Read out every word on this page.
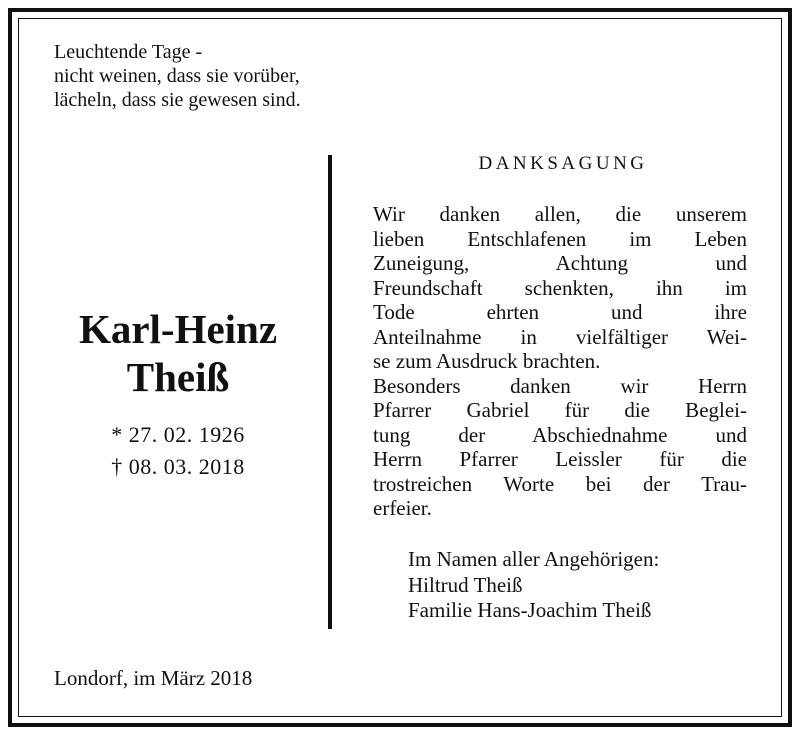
Leuchtende Tage -
nicht weinen, dass sie vorüber,
lächeln, dass sie gewesen sind.
Karl-Heinz
Theiß
* 27. 02. 1926
† 08. 03. 2018
DANKSAGUNG
Wir danken allen, die unserem
lieben Entschlafenen im Leben
Zuneigung, Achtung und
Freundschaft schenkten, ihn im
Tode ehrten und ihre
Anteilnahme in vielfältiger Wei-
se zum Ausdruck brachten.
Besonders danken wir Herrn
Pfarrer Gabriel für die Beglei-
tung der Abschiednahme und
Herrn Pfarrer Leissler für die
trostreichen Worte bei der Trau-
erfeier.
Im Namen aller Angehörigen:
Hiltrud Theiß
Familie Hans-Joachim Theiß
Londorf, im März 2018
